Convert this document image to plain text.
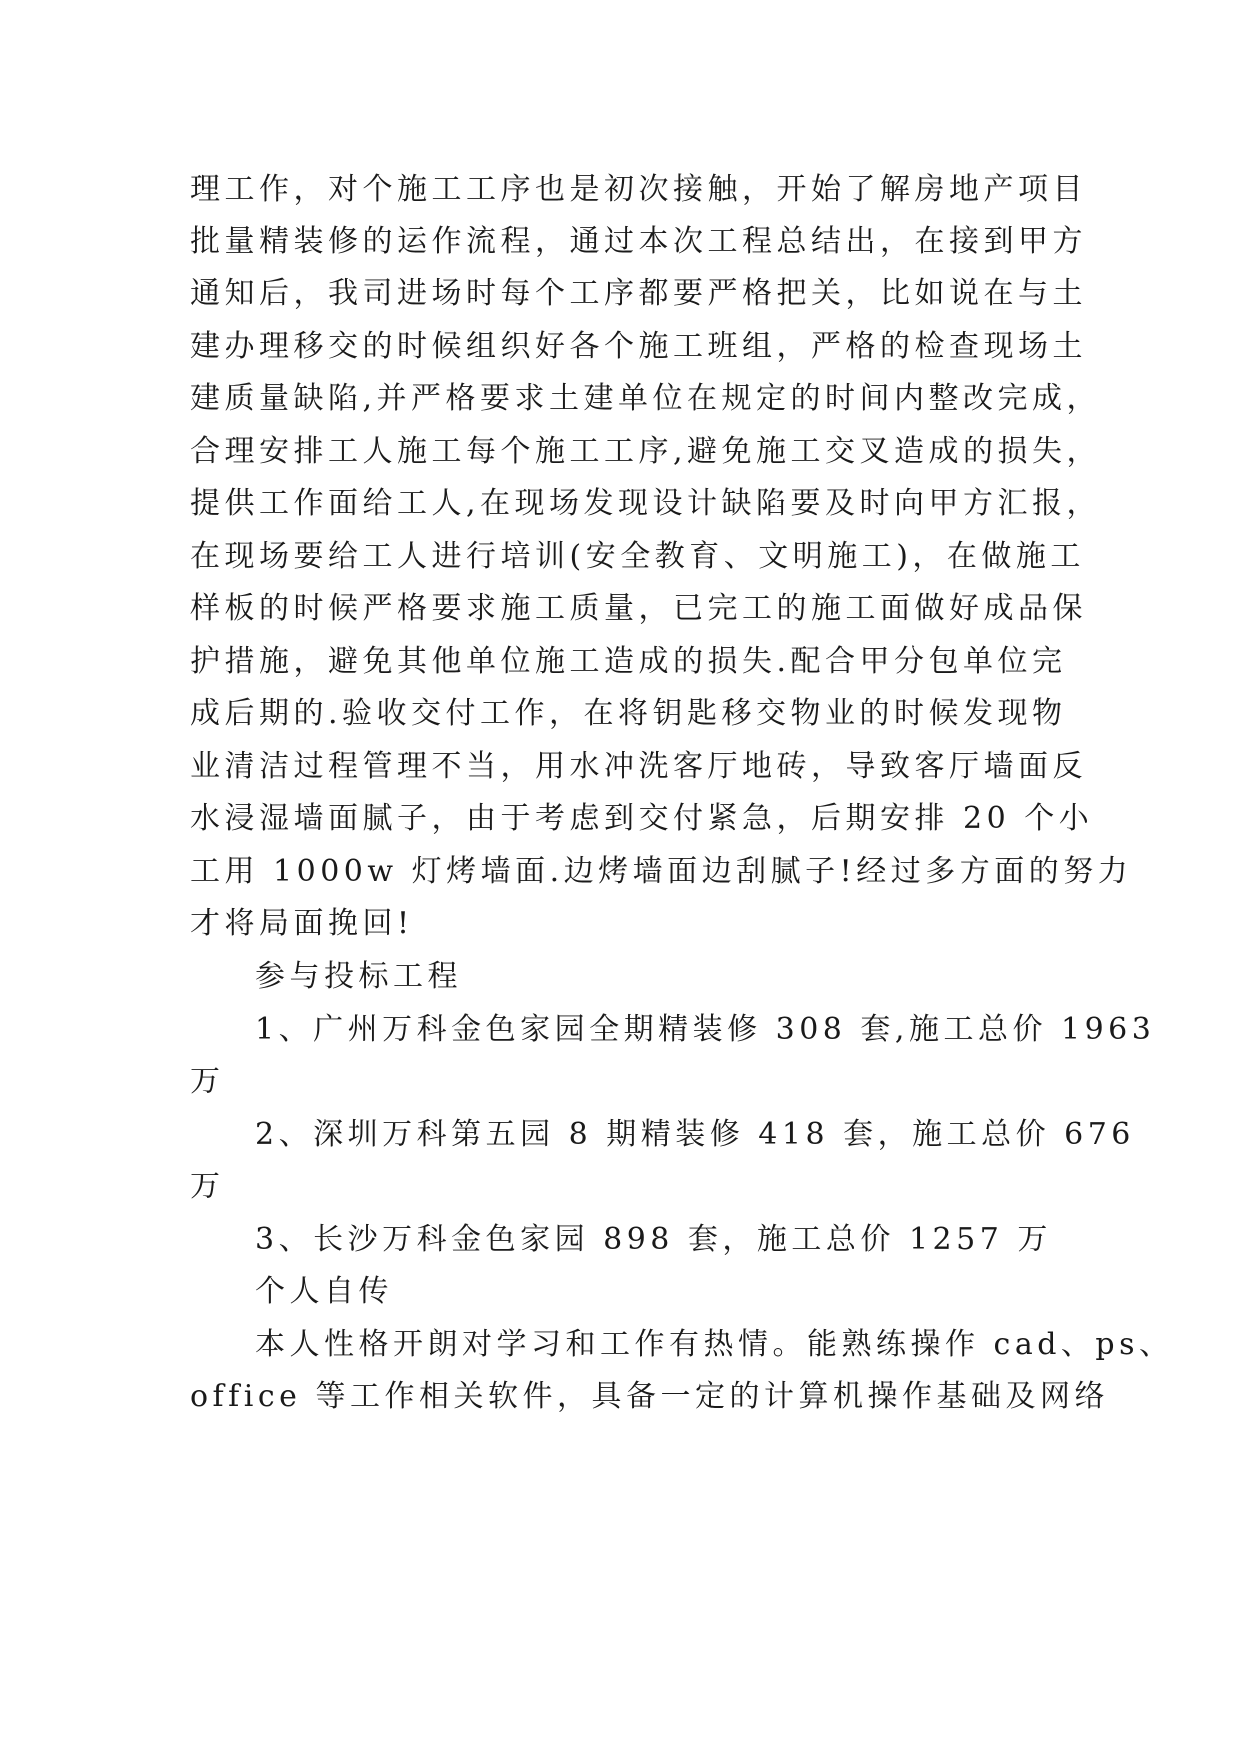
理工作，对个施工工序也是初次接触，开始了解房地产项目
批量精装修的运作流程，通过本次工程总结出，在接到甲方
通知后，我司进场时每个工序都要严格把关，比如说在与土
建办理移交的时候组织好各个施工班组，严格的检查现场土
建质量缺陷,并严格要求土建单位在规定的时间内整改完成，
合理安排工人施工每个施工工序,避免施工交叉造成的损失，
提供工作面给工人,在现场发现设计缺陷要及时向甲方汇报，
在现场要给工人进行培训(安全教育、文明施工)，在做施工
样板的时候严格要求施工质量，已完工的施工面做好成品保
护措施，避免其他单位施工造成的损失.配合甲分包单位完
成后期的.验收交付工作，在将钥匙移交物业的时候发现物
业清洁过程管理不当，用水冲洗客厅地砖，导致客厅墙面反
水浸湿墙面腻子，由于考虑到交付紧急，后期安排 20 个小
工用 1000w 灯烤墙面.边烤墙面边刮腻子!经过多方面的努力
才将局面挽回!
参与投标工程
1、广州万科金色家园全期精装修 308 套,施工总价 1963
万
2、深圳万科第五园 8 期精装修 418 套，施工总价 676
万
3、长沙万科金色家园 898 套，施工总价 1257 万
个人自传
本人性格开朗对学习和工作有热情。能熟练操作 cad、ps、
office 等工作相关软件，具备一定的计算机操作基础及网络
